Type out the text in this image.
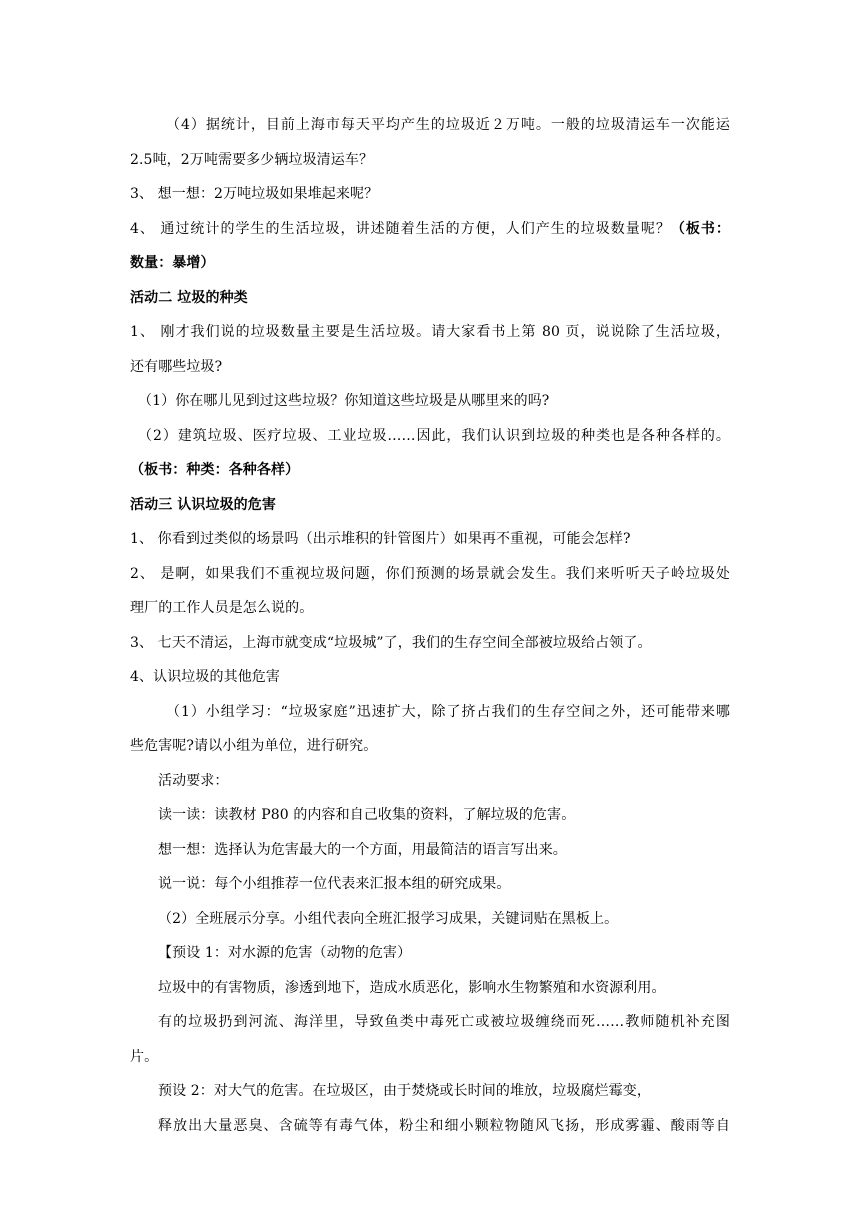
（4）据统计，目前上海市每天平均产生的垃圾近２万吨。一般的垃圾清运车一次能运
2.5吨，2万吨需要多少辆垃圾清运车？
3、 想一想：2万吨垃圾如果堆起来呢？
4、 通过统计的学生的生活垃圾，讲述随着生活的方便，人们产生的垃圾数量呢？（板书：
数量：暴增）
活动二 垃圾的种类
1、 刚才我们说的垃圾数量主要是生活垃圾。请大家看书上第 80 页，说说除了生活垃圾，
还有哪些垃圾?
（1）你在哪儿见到过这些垃圾？你知道这些垃圾是从哪里来的吗?
（2）建筑垃圾、医疗垃圾、工业垃圾……因此，我们认识到垃圾的种类也是各种各样的。
（板书：种类：各种各样）
活动三 认识垃圾的危害
1、 你看到过类似的场景吗（出示堆积的针管图片）如果再不重视，可能会怎样?
2、 是啊，如果我们不重视垃圾问题，你们预测的场景就会发生。我们来听听天子岭垃圾处
理厂的工作人员是怎么说的。
3、 七天不清运，上海市就变成“垃圾城”了，我们的生存空间全部被垃圾给占领了。
4、认识垃圾的其他危害
（1）小组学习：“垃圾家庭”迅速扩大，除了挤占我们的生存空间之外，还可能带来哪
些危害呢?请以小组为单位，进行研究。
活动要求：
读一读：读教材 P80 的内容和自己收集的资料，了解垃圾的危害。
想一想：选择认为危害最大的一个方面，用最简洁的语言写出来。
说一说：每个小组推荐一位代表来汇报本组的研究成果。
（2）全班展示分享。小组代表向全班汇报学习成果，关键词贴在黑板上。
【预设 1：对水源的危害（动物的危害）
垃圾中的有害物质，渗透到地下，造成水质恶化，影响水生物繁殖和水资源利用。
有的垃圾扔到河流、海洋里，导致鱼类中毒死亡或被垃圾缠绕而死……教师随机补充图
片。
预设 2：对大气的危害。在垃圾区，由于焚烧或长时间的堆放，垃圾腐烂霉变，
释放出大量恶臭、含硫等有毒气体，粉尘和细小颗粒物随风飞扬，形成雾霾、酸雨等自
